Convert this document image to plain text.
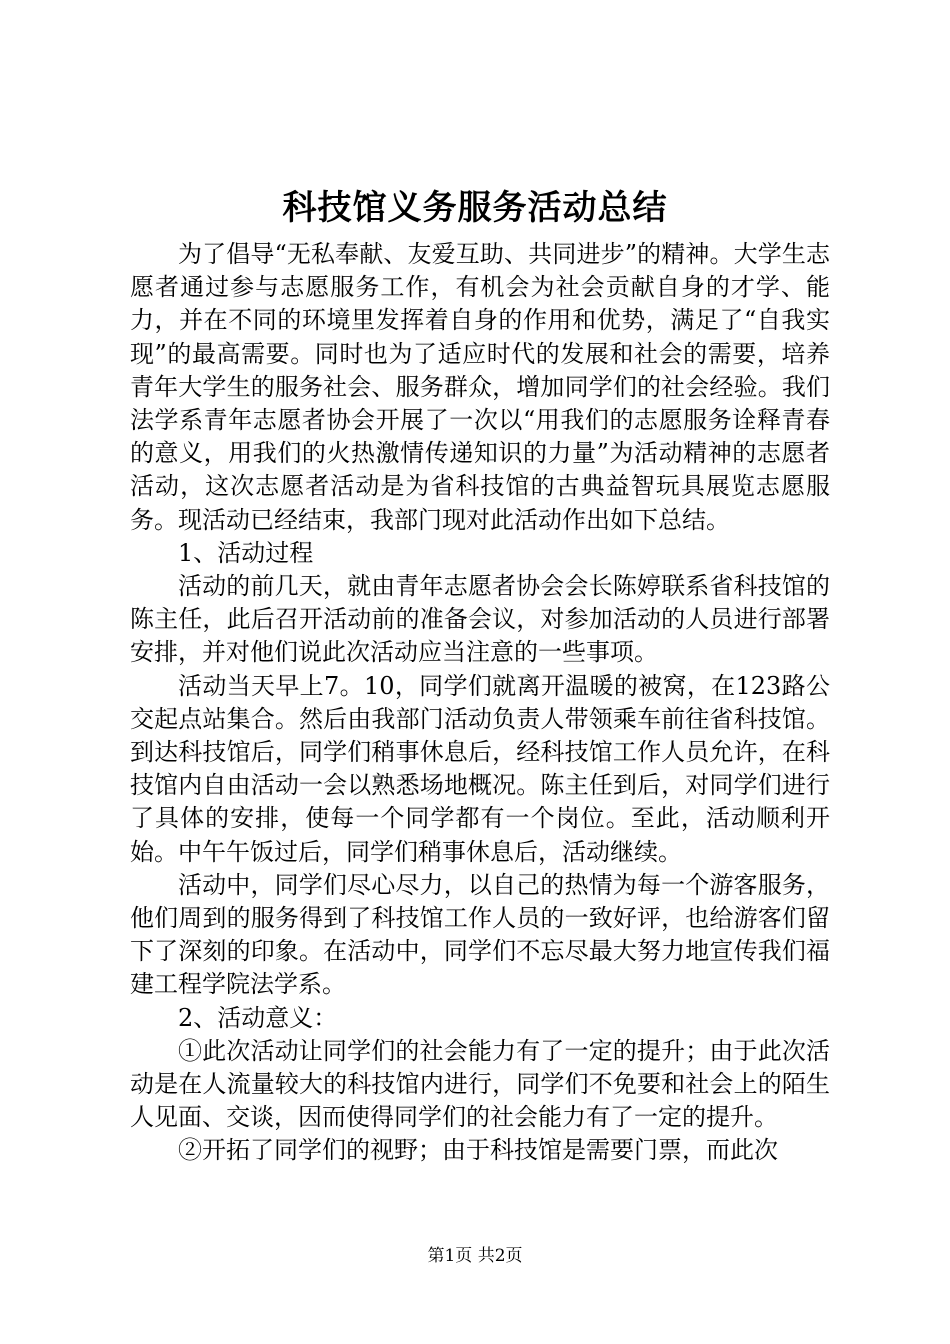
科技馆义务服务活动总结

为了倡导“无私奉献、友爱互助、共同进步”的精神。大学生志愿者通过参与志愿服务工作，有机会为社会贡献自身的才学、能力，并在不同的环境里发挥着自身的作用和优势，满足了“自我实现”的最高需要。同时也为了适应时代的发展和社会的需要，培养青年大学生的服务社会、服务群众，增加同学们的社会经验。我们法学系青年志愿者协会开展了一次以“用我们的志愿服务诠释青春的意义，用我们的火热激情传递知识的力量”为活动精神的志愿者活动，这次志愿者活动是为省科技馆的古典益智玩具展览志愿服务。现活动已经结束，我部门现对此活动作出如下总结。

1、活动过程

活动的前几天，就由青年志愿者协会会长陈婷联系省科技馆的陈主任，此后召开活动前的准备会议，对参加活动的人员进行部署安排，并对他们说此次活动应当注意的一些事项。

活动当天早上7。10，同学们就离开温暖的被窝，在123路公交起点站集合。然后由我部门活动负责人带领乘车前往省科技馆。到达科技馆后，同学们稍事休息后，经科技馆工作人员允许，在科技馆内自由活动一会以熟悉场地概况。陈主任到后，对同学们进行了具体的安排，使每一个同学都有一个岗位。至此，活动顺利开始。中午午饭过后，同学们稍事休息后，活动继续。

活动中，同学们尽心尽力，以自己的热情为每一个游客服务，他们周到的服务得到了科技馆工作人员的一致好评，也给游客们留下了深刻的印象。在活动中，同学们不忘尽最大努力地宣传我们福建工程学院法学系。

2、活动意义：

①此次活动让同学们的社会能力有了一定的提升；由于此次活动是在人流量较大的科技馆内进行，同学们不免要和社会上的陌生人见面、交谈，因而使得同学们的社会能力有了一定的提升。

②开拓了同学们的视野；由于科技馆是需要门票，而此次

第1页 共2页
